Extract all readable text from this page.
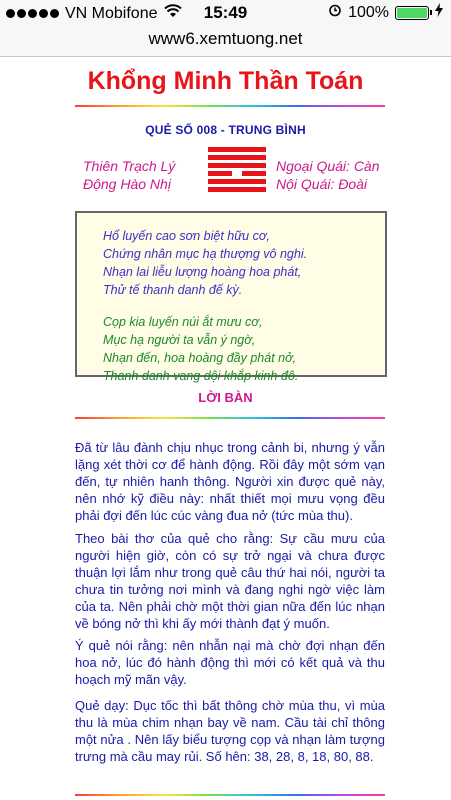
VN Mobifone	15:49	100%
www6.xemtuong.net
Khổng Minh Thần Toán
QUẺ SỐ 008 - TRUNG BÌNH
Thiên Trạch Lý
Động Hào Nhị
Ngoại Quái: Càn
Nội Quái: Đoài
Hổ luyến cao sơn biệt hữu cơ,
Chứng nhân mục hạ thượng vô nghi.
Nhạn lai liễu lượng hoàng hoa phát,
Thử tế thanh danh đế kỳ.
Cọp kia luyến núi ắt mưu cơ,
Mục hạ người ta vẫn ý ngờ,
Nhạn đến, hoa hoàng đầy phát nở,
Thanh danh vang dội khắp kinh đô.
LỜI BÀN
Đã từ lâu đành chịu nhục trong cảnh bi, nhưng ý vẫn lặng xét thời cơ để hành động. Rồi đây một sớm vạn đến, tự nhiên hanh thông. Người xin được quẻ này, nên nhớ kỹ điều này: nhất thiết mọi mưu vọng đều phải đợi đến lúc cúc vàng đua nở (tức mùa thu).
Theo bài thơ của quẻ cho rằng: Sự cầu mưu của người hiện giờ, còn có sự trở ngại và chưa được thuận lợi lắm như trong quẻ câu thứ hai nói, người ta chưa tin tưởng nơi mình và đang nghi ngờ việc làm của ta. Nên phải chờ một thời gian nữa đến lúc nhạn về bóng nở thì khi ấy mới thành đạt ý muốn.
Ý quẻ nói rằng: nên nhẫn nại mà chờ đợi nhạn đến hoa nở, lúc đó hành động thì mới có kết quả và thu hoạch mỹ mãn vậy.
Quẻ dạy: Dục tốc thì bất thông chờ mùa thu, vì mùa thu là mùa chim nhạn bay về nam. Cầu tài chỉ thông một nửa . Nên lấy biểu tượng cọp và nhạn làm tượng trưng mà cầu may rủi. Số hên: 38, 28, 8, 18, 80, 88.
